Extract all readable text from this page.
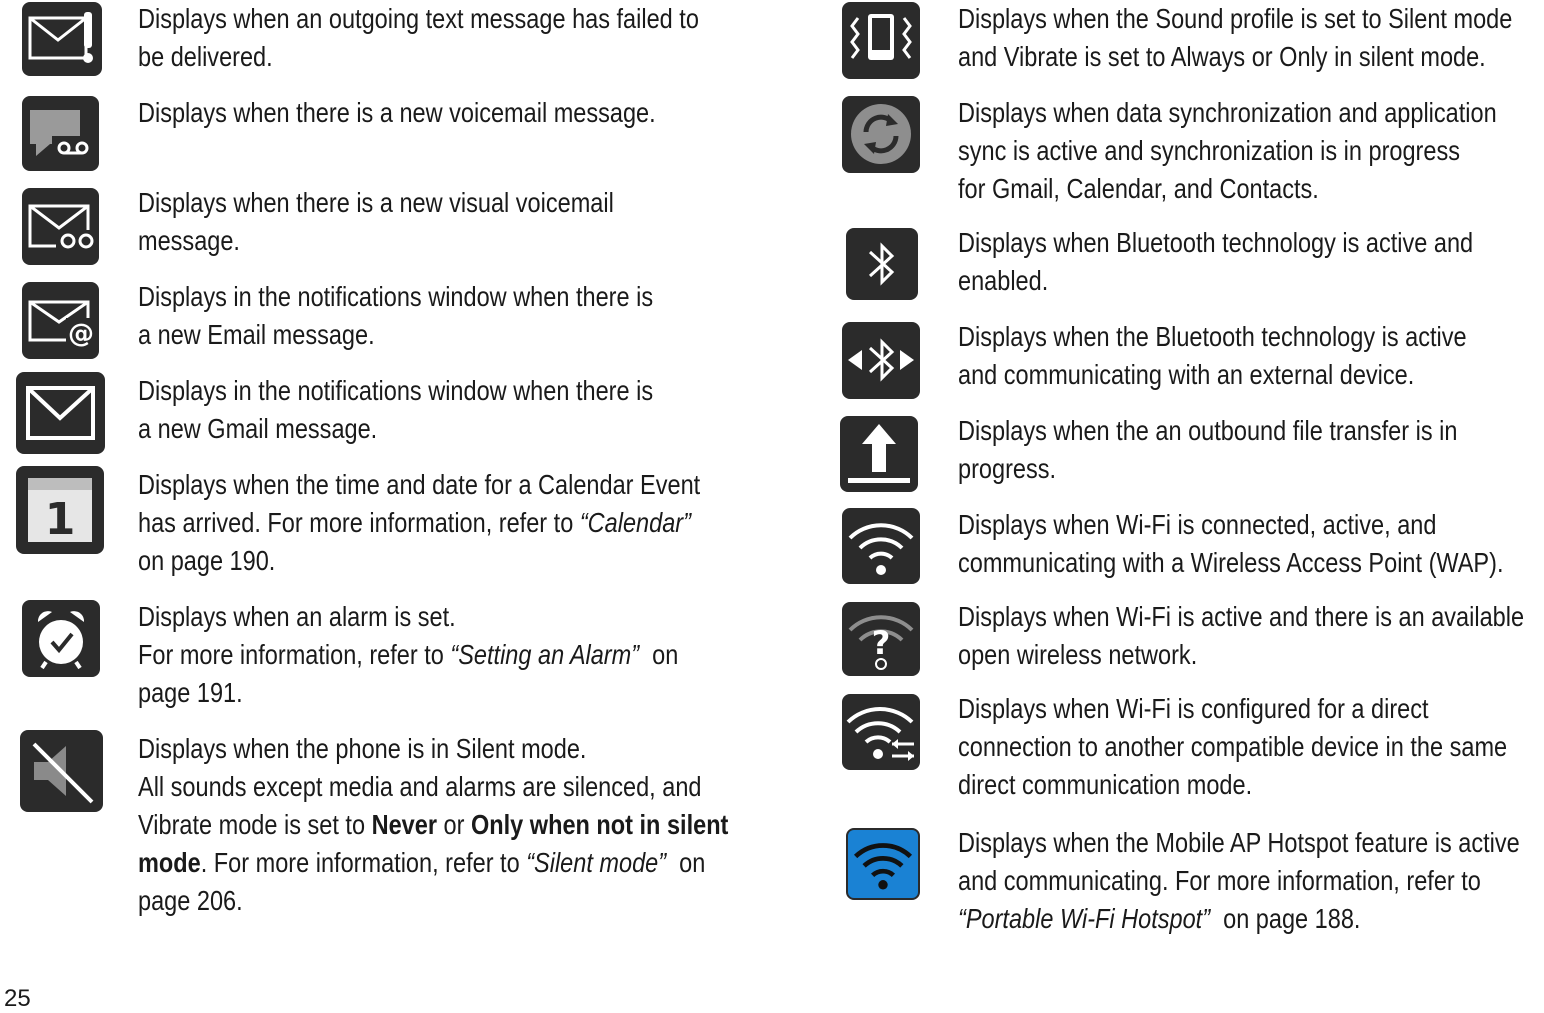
Displays when an outgoing text message has failed to
be delivered.
Displays when there is a new voicemail message.
Displays when there is a new visual voicemail
message.
@
Displays in the notifications window when there is
a new Email message.
Displays in the notifications window when there is
a new Gmail message.
1
Displays when the time and date for a Calendar Event
has arrived. For more information, refer to “Calendar”
on page 190.
Displays when an alarm is set.
For more information, refer to “Setting an Alarm”  on
page 191.
Displays when the phone is in Silent mode.
All sounds except media and alarms are silenced, and
Vibrate mode is set to Never or Only when not in silent
mode. For more information, refer to “Silent mode”  on
page 206.
Displays when the Sound profile is set to Silent mode
and Vibrate is set to Always or Only in silent mode.
Displays when data synchronization and application
sync is active and synchronization is in progress
for Gmail, Calendar, and Contacts.
Displays when Bluetooth technology is active and
enabled.
Displays when the Bluetooth technology is active
and communicating with an external device.
Displays when the an outbound file transfer is in
progress.
Displays when Wi-Fi is connected, active, and
communicating with a Wireless Access Point (WAP).
?
Displays when Wi-Fi is active and there is an available
open wireless network.
Displays when Wi-Fi is configured for a direct
connection to another compatible device in the same
direct communication mode.
Displays when the Mobile AP Hotspot feature is active
and communicating. For more information, refer to
“Portable Wi-Fi Hotspot”  on page 188.
25
